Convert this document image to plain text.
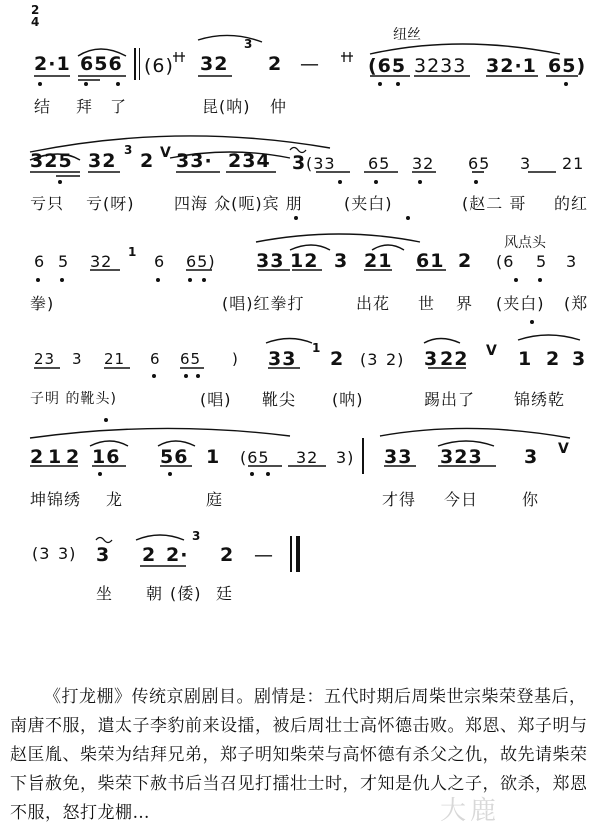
2
4
2·1 656 (6) 32
3
2 —
纽丝
(65 3233 32·1 65)
结 拜 了	昆(呐) 仲
325 32 3 2 V 33· 234 3 (33 65 32 65 3 21
亏只 亏(呀) 四海 众(呃)宾 朋	(夹白)	(赵二 哥 的红
6 5 32 1 6 65) 33 12 3 21 61 2
风点头
(6 5 3
拳)	(唱)红拳打	出花 世 界 (夹白) (郑
23 3 21 6 65 ) 33 1 2 (3 2) 3 22 V 1 2 3
子明 的靴头)	(唱) 靴尖 (呐)	踢出了 锦绣乾
2 1 2 16 56 1 (65 32 3) 33 323 3 V
坤锦绣 龙	庭	才得 今日	你
(3 3) 3 2 2·
3
2 —
坐 朝 (倭) 廷

《打龙棚》传统京剧剧目。剧情是：五代时期后周柴世宗柴荣登基后，南唐不服，遣太子李豹前来设擂，被后周壮士高怀德击败。郑恩、郑子明与赵匡胤、柴荣为结拜兄弟，郑子明知柴荣与高怀德有杀父之仇，故先请柴荣下旨赦免，柴荣下赦书后当召见打擂壮士时，才知是仇人之子，欲杀，郑恩不服，怒打龙棚…	大鹿
